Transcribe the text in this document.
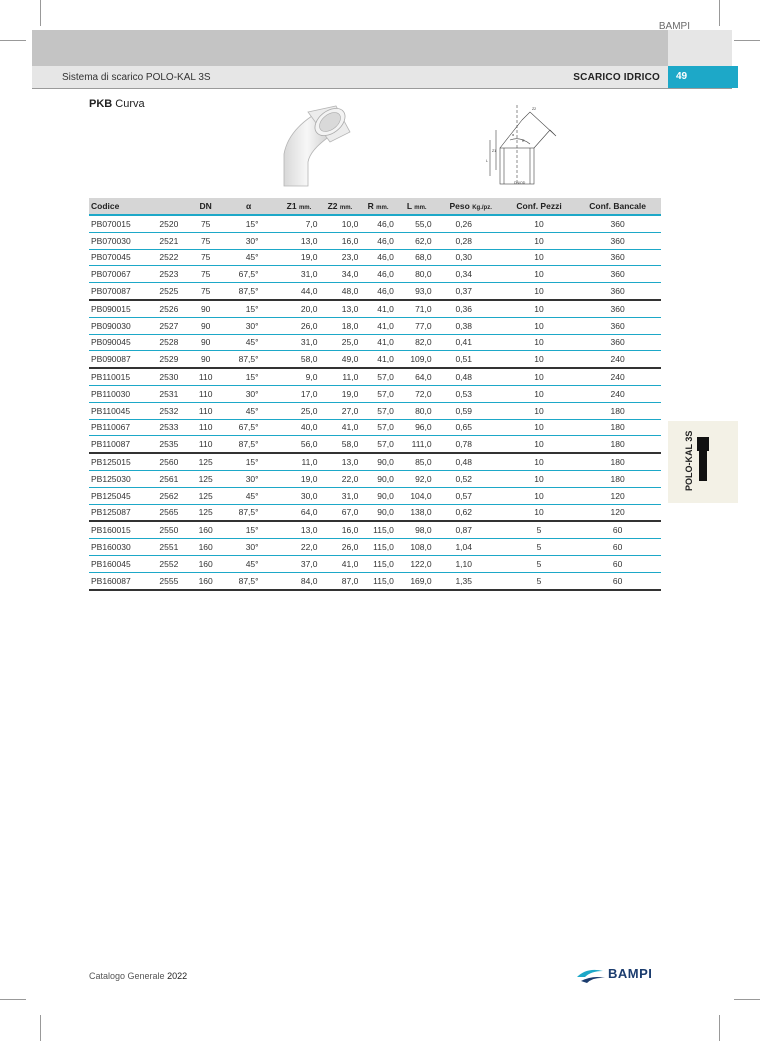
BAMPI
Sistema di scarico POLO-KAL 3S	SCARICO IDRICO	49
PKB Curva
DN/OD
Z1
L
Z2
R
α
Codice		DN	α	Z1 mm.	Z2 mm.	R mm.	L mm.	Peso Kg./pz.	Conf. Pezzi	Conf. Bancale
PB070015	2520	75	15°	7,0	10,0	46,0	55,0	0,26	10	360
PB070030	2521	75	30°	13,0	16,0	46,0	62,0	0,28	10	360
PB070045	2522	75	45°	19,0	23,0	46,0	68,0	0,30	10	360
PB070067	2523	75	67,5°	31,0	34,0	46,0	80,0	0,34	10	360
PB070087	2525	75	87,5°	44,0	48,0	46,0	93,0	0,37	10	360
PB090015	2526	90	15°	20,0	13,0	41,0	71,0	0,36	10	360
PB090030	2527	90	30°	26,0	18,0	41,0	77,0	0,38	10	360
PB090045	2528	90	45°	31,0	25,0	41,0	82,0	0,41	10	360
PB090087	2529	90	87,5°	58,0	49,0	41,0	109,0	0,51	10	240
PB110015	2530	110	15°	9,0	11,0	57,0	64,0	0,48	10	240
PB110030	2531	110	30°	17,0	19,0	57,0	72,0	0,53	10	240
PB110045	2532	110	45°	25,0	27,0	57,0	80,0	0,59	10	180
PB110067	2533	110	67,5°	40,0	41,0	57,0	96,0	0,65	10	180
PB110087	2535	110	87,5°	56,0	58,0	57,0	111,0	0,78	10	180
PB125015	2560	125	15°	11,0	13,0	90,0	85,0	0,48	10	180
PB125030	2561	125	30°	19,0	22,0	90,0	92,0	0,52	10	180
PB125045	2562	125	45°	30,0	31,0	90,0	104,0	0,57	10	120
PB125087	2565	125	87,5°	64,0	67,0	90,0	138,0	0,62	10	120
PB160015	2550	160	15°	13,0	16,0	115,0	98,0	0,87	5	60
PB160030	2551	160	30°	22,0	26,0	115,0	108,0	1,04	5	60
PB160045	2552	160	45°	37,0	41,0	115,0	122,0	1,10	5	60
PB160087	2555	160	87,5°	84,0	87,0	115,0	169,0	1,35	5	60
POLO-KAL 3S
Catalogo Generale 2022	BAMPI
